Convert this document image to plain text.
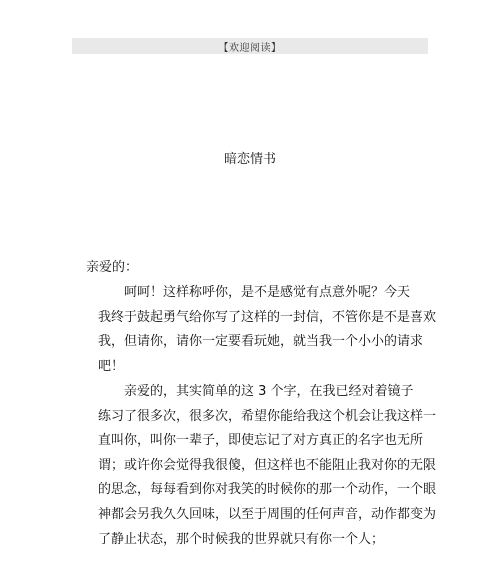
【欢迎阅读】
暗恋情书
亲爱的：

呵呵！这样称呼你，是不是感觉有点意外呢？今天
我终于鼓起勇气给你写了这样的一封信，不管你是不是喜欢
我，但请你，请你一定要看玩她，就当我一个小小的请求
吧！

亲爱的，其实简单的这 3 个字，在我已经对着镜子
练习了很多次，很多次，希望你能给我这个机会让我这样一
直叫你，叫你一辈子，即使忘记了对方真正的名字也无所
谓；或许你会觉得我很傻，但这样也不能阻止我对你的无限
的思念，每每看到你对我笑的时候你的那一个动作，一个眼
神都会另我久久回味，以至于周围的任何声音，动作都变为
了静止状态，那个时候我的世界就只有你一个人；
